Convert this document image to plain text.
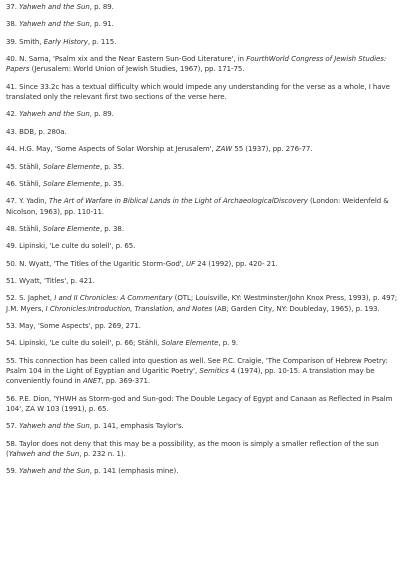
37. Yahweh and the Sun, p. 89.

38. Yahweh and the Sun, p. 91.

39. Smith, Early History, p. 115.

40. N. Sarna, 'Psalm xix and the Near Eastern Sun-God Literature', in FourthWorld Congress of Jewish Studies: Papers (Jerusalem: World Union of Jewish Studies, 1967), pp. 171-75.

41. Since 33.2c has a textual difficulty which would impede any understanding for the verse as a whole, I have translated only the relevant first two sections of the verse here.

42. Yahweh and the Sun, p. 89.

43. BDB, p. 280a.

44. H.G. May, 'Some Aspects of Solar Worship at Jerusalem', ZAW 55 (1937), pp. 276-77.

45. Stähli, Solare Elemente, p. 35.

46. Stähli, Solare Elemente, p. 35.

47. Y. Yadin, The Art of Warfare in Biblical Lands in the Light of ArchaeologicalDiscovery (London: Weidenfeld & Nicolson, 1963), pp. 110-11.

48. Stähli, Solare Elemente, p. 38.

49. Lipinski, 'Le culte du soleil', p. 65.

50. N. Wyatt, 'The Titles of the Ugaritic Storm-God', UF 24 (1992), pp. 420- 21.

51. Wyatt, 'Titles', p. 421.

52. S. Japhet, I and II Chronicles: A Commentary (OTL; Louisville, KY: Westminster/John Knox Press, 1993), p. 497; J.M. Myers, I Chronicles:Introduction, Translation, and Notes (AB; Garden City, NY: Doubleday, 1965), p. 193.

53. May, 'Some Aspects', pp. 269, 271.

54. Lipinski, 'Le culte du soleil', p. 66; Stähli, Solare Elemente, p. 9.

55. This connection has been called into question as well. See P.C. Craigie, 'The Comparison of Hebrew Poetry: Psalm 104 in the Light of Egyptian and Ugaritic Poetry', Semitics 4 (1974), pp. 10-15. A translation may be conveniently found in ANET, pp. 369-371.

56. P.E. Dion, 'YHWH as Storm-god and Sun-god: The Double Legacy of Egypt and Canaan as Reflected in Psalm 104', ZA W 103 (1991), p. 65.

57. Yahweh and the Sun, p. 141, emphasis Taylor's.

58. Taylor does not deny that this may be a possibility, as the moon is simply a smaller reflection of the sun (Yahweh and the Sun, p. 232 n. 1).

59. Yahweh and the Sun, p. 141 (emphasis mine).
